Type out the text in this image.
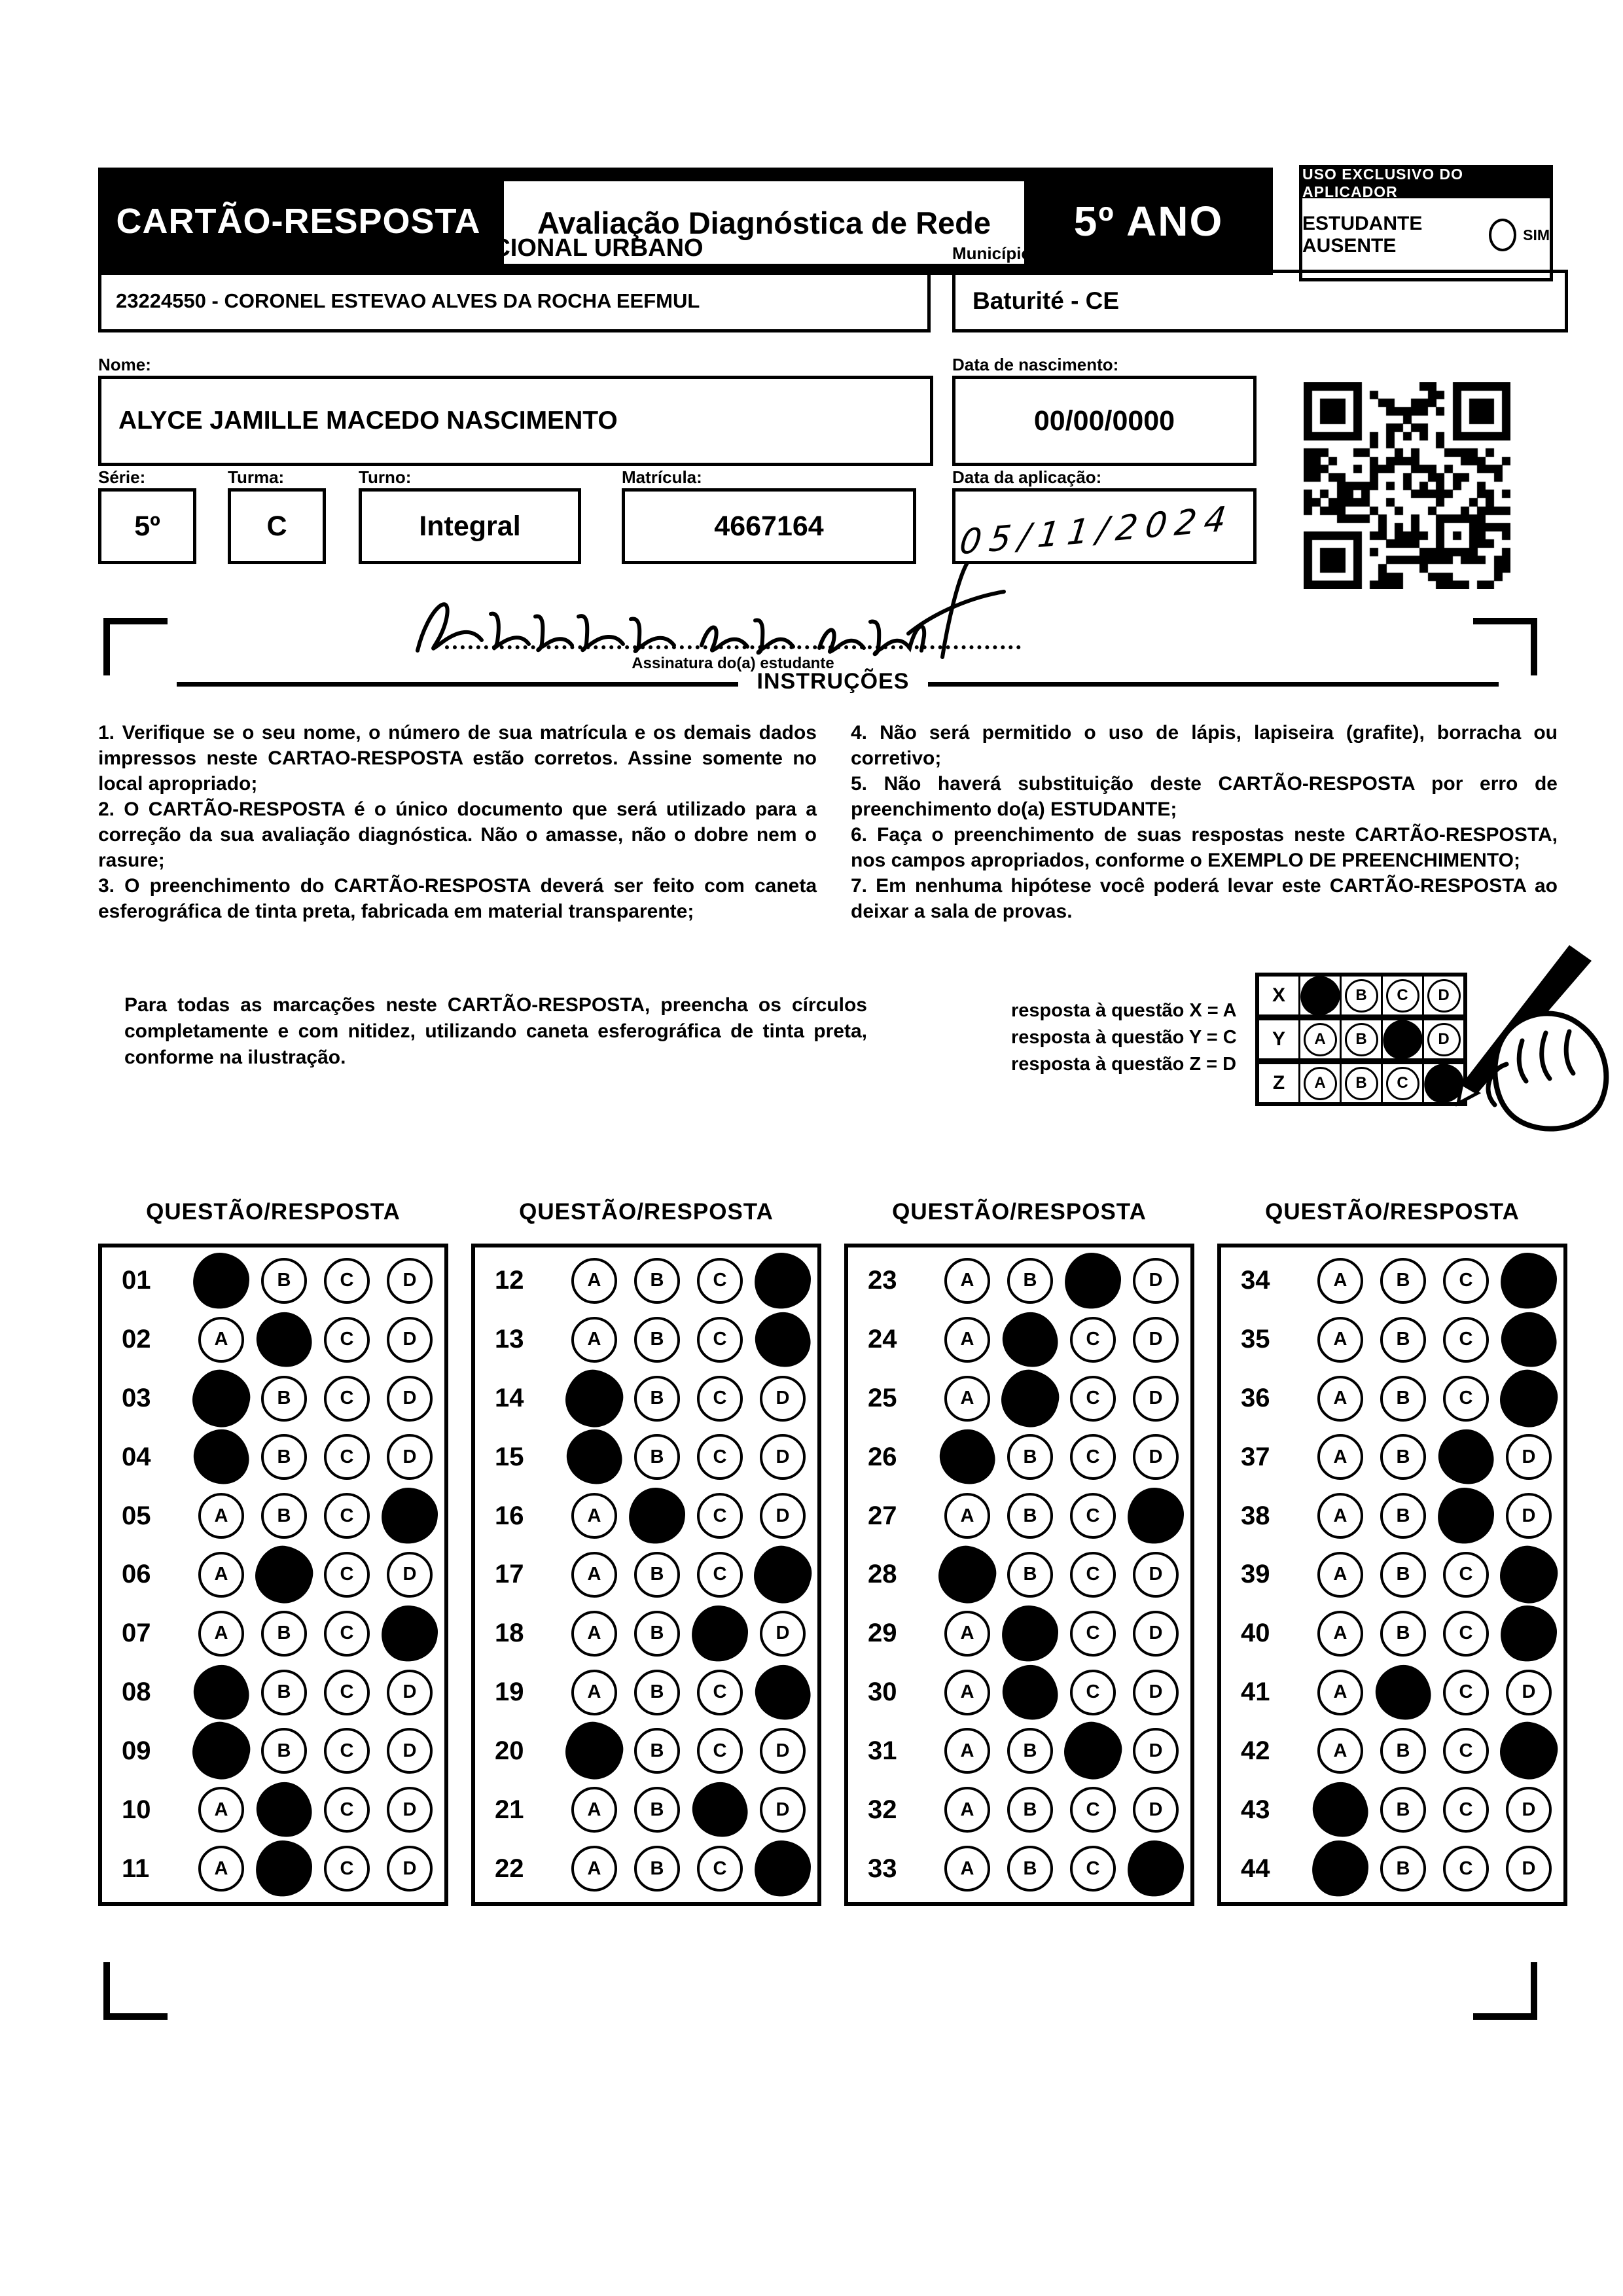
CARTÃO-RESPOSTA	Avaliação Diagnóstica de Rede	5º ANO
USO EXCLUSIVO DO APLICADOR
ESTUDANTE AUSENTE
SIM
Local da prova: DISTRITO EDUCACIONAL URBANO	Município:
23224550 - CORONEL ESTEVAO ALVES DA ROCHA EEFMUL	Baturité - CE
Nome:	Data de nascimento:
ALYCE JAMILLE MACEDO NASCIMENTO	00/00/0000
Série:	Turma:	Turno:	Matrícula:	Data da aplicação:
5º	C	Integral	4667164	05/11/2024
Assinatura do(a) estudante
INSTRUÇÕES

1. Verifique se o seu nome, o número de sua matrícula e os demais dados impressos neste CARTAO-RESPOSTA estão corretos. Assine somente no local apropriado;

2. O CARTÃO-RESPOSTA é o único documento que será utilizado para a correção da sua avaliação diagnóstica. Não o amasse, não o dobre nem o rasure;

3. O preenchimento do CARTÃO-RESPOSTA deverá ser feito com caneta esferográfica de tinta preta, fabricada em material transparente;

4. Não será permitido o uso de lápis, lapiseira (grafite), borracha ou corretivo;

5. Não haverá substituição deste CARTÃO-RESPOSTA por erro de preenchimento do(a) ESTUDANTE;

6. Faça o preenchimento de suas respostas neste CARTÃO-RESPOSTA, nos campos apropriados, conforme o EXEMPLO DE PREENCHIMENTO;

7. Em nenhuma hipótese você poderá levar este CARTÃO-RESPOSTA ao deixar a sala de provas.

Para todas as marcações neste CARTÃO-RESPOSTA, preencha os círculos completamente e com nitidez, utilizando caneta esferográfica de tinta preta, conforme na ilustração.
resposta à questão X = A
resposta à questão Y = C
resposta à questão Z = D
X	B	C	D
Y	A	B	D
Z	A	B	C
QUESTÃO/RESPOSTA
01	B	C	D
02	A	C	D
03	B	C	D
04	B	C	D
05	A	B	C
06	A	C	D
07	A	B	C
08	B	C	D
09	B	C	D
10	A	C	D
11	A	C	D
QUESTÃO/RESPOSTA
12	A	B	C
13	A	B	C
14	B	C	D
15	B	C	D
16	A	C	D
17	A	B	C
18	A	B	D
19	A	B	C
20	B	C	D
21	A	B	D
22	A	B	C
QUESTÃO/RESPOSTA
23	A	B	D
24	A	C	D
25	A	C	D
26	B	C	D
27	A	B	C
28	B	C	D
29	A	C	D
30	A	C	D
31	A	B	D
32	A	B	C	D
33	A	B	C
QUESTÃO/RESPOSTA
34	A	B	C
35	A	B	C
36	A	B	C
37	A	B	D
38	A	B	D
39	A	B	C
40	A	B	C
41	A	C	D
42	A	B	C
43	B	C	D
44	B	C	D
